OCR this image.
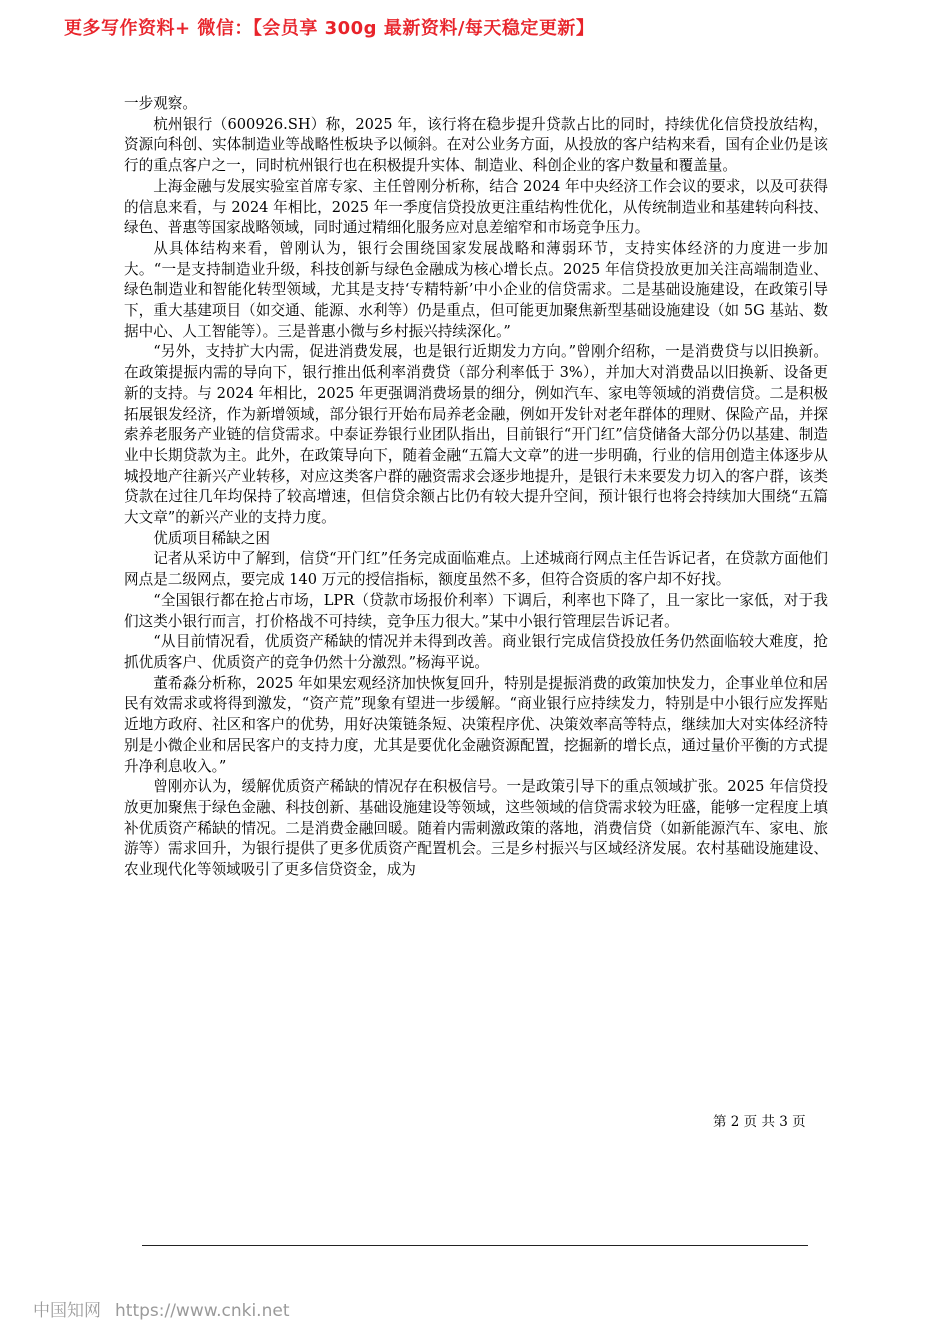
更多写作资料+ 微信：【会员享 300g 最新资料/每天稳定更新】

一步观察。

杭州银行（600926.SH）称，2025 年，该行将在稳步提升贷款占比的同时，持续优化信贷投放结构，资源向科创、实体制造业等战略性板块予以倾斜。在对公业务方面，从投放的客户结构来看，国有企业仍是该行的重点客户之一，同时杭州银行也在积极提升实体、制造业、科创企业的客户数量和覆盖量。

上海金融与发展实验室首席专家、主任曾刚分析称，结合 2024 年中央经济工作会议的要求，以及可获得的信息来看，与 2024 年相比，2025 年一季度信贷投放更注重结构性优化，从传统制造业和基建转向科技、绿色、普惠等国家战略领域，同时通过精细化服务应对息差缩窄和市场竞争压力。

从具体结构来看，曾刚认为，银行会围绕国家发展战略和薄弱环节，支持实体经济的力度进一步加大。“一是支持制造业升级，科技创新与绿色金融成为核心增长点。2025 年信贷投放更加关注高端制造业、绿色制造业和智能化转型领域，尤其是支持‘专精特新’中小企业的信贷需求。二是基础设施建设，在政策引导下，重大基建项目（如交通、能源、水利等）仍是重点，但可能更加聚焦新型基础设施建设（如 5G 基站、数据中心、人工智能等）。三是普惠小微与乡村振兴持续深化。”

“另外，支持扩大内需，促进消费发展，也是银行近期发力方向。”曾刚介绍称，一是消费贷与以旧换新。在政策提振内需的导向下，银行推出低利率消费贷（部分利率低于 3%），并加大对消费品以旧换新、设备更新的支持。与 2024 年相比，2025 年更强调消费场景的细分，例如汽车、家电等领域的消费信贷。二是积极拓展银发经济，作为新增领域，部分银行开始布局养老金融，例如开发针对老年群体的理财、保险产品，并探索养老服务产业链的信贷需求。中泰证券银行业团队指出，目前银行“开门红”信贷储备大部分仍以基建、制造业中长期贷款为主。此外，在政策导向下，随着金融“五篇大文章”的进一步明确，行业的信用创造主体逐步从城投地产往新兴产业转移，对应这类客户群的融资需求会逐步地提升，是银行未来要发力切入的客户群，该类贷款在过往几年均保持了较高增速，但信贷余额占比仍有较大提升空间，预计银行也将会持续加大围绕“五篇大文章”的新兴产业的支持力度。

优质项目稀缺之困

记者从采访中了解到，信贷“开门红”任务完成面临难点。上述城商行网点主任告诉记者，在贷款方面他们网点是二级网点，要完成 140 万元的授信指标，额度虽然不多，但符合资质的客户却不好找。

“全国银行都在抢占市场，LPR（贷款市场报价利率）下调后，利率也下降了，且一家比一家低，对于我们这类小银行而言，打价格战不可持续，竞争压力很大。”某中小银行管理层告诉记者。

“从目前情况看，优质资产稀缺的情况并未得到改善。商业银行完成信贷投放任务仍然面临较大难度，抢抓优质客户、优质资产的竞争仍然十分激烈。”杨海平说。

董希淼分析称，2025 年如果宏观经济加快恢复回升，特别是提振消费的政策加快发力，企事业单位和居民有效需求或将得到激发，“资产荒”现象有望进一步缓解。“商业银行应持续发力，特别是中小银行应发挥贴近地方政府、社区和客户的优势，用好决策链条短、决策程序优、决策效率高等特点，继续加大对实体经济特别是小微企业和居民客户的支持力度，尤其是要优化金融资源配置，挖掘新的增长点，通过量价平衡的方式提升净利息收入。”

曾刚亦认为，缓解优质资产稀缺的情况存在积极信号。一是政策引导下的重点领域扩张。2025 年信贷投放更加聚焦于绿色金融、科技创新、基础设施建设等领域，这些领域的信贷需求较为旺盛，能够一定程度上填补优质资产稀缺的情况。二是消费金融回暖。随着内需刺激政策的落地，消费信贷（如新能源汽车、家电、旅游等）需求回升，为银行提供了更多优质资产配置机会。三是乡村振兴与区域经济发展。农村基础设施建设、农业现代化等领域吸引了更多信贷资金，成为

第 2 页 共 3 页
中国知网 https://www.cnki.net
